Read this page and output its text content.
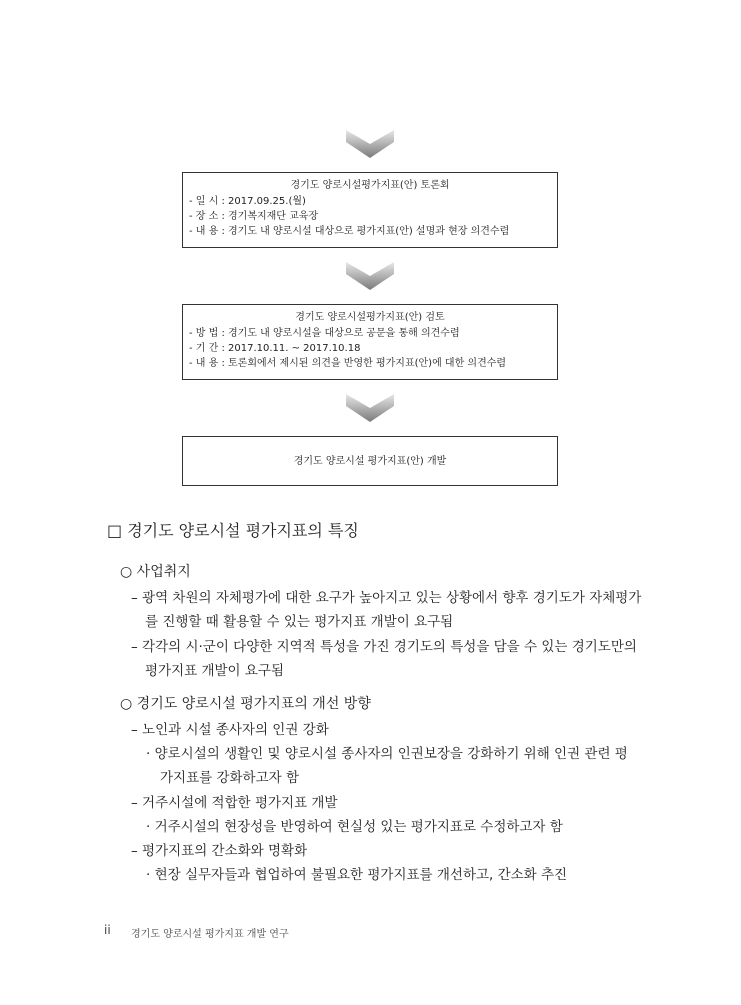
경기도 양로시설평가지표(안) 토론회
- 일 시 : 2017.09.25.(월)
- 장 소 : 경기복지재단 교육장
- 내 용 : 경기도 내 양로시설 대상으로 평가지표(안) 설명과 현장 의견수렴
경기도 양로시설평가지표(안) 검토
- 방 법 : 경기도 내 양로시설을 대상으로 공문을 통해 의견수렴
- 기 간 : 2017.10.11. ~ 2017.10.18
- 내 용 : 토론회에서 제시된 의견을 반영한 평가지표(안)에 대한 의견수렴
경기도 양로시설 평가지표(안) 개발
□ 경기도 양로시설 평가지표의 특징
○ 사업취지
– 광역 차원의 자체평가에 대한 요구가 높아지고 있는 상황에서 향후 경기도가 자체평가
를 진행할 때 활용할 수 있는 평가지표 개발이 요구됨
– 각각의 시·군이 다양한 지역적 특성을 가진 경기도의 특성을 담을 수 있는 경기도만의
평가지표 개발이 요구됨
○ 경기도 양로시설 평가지표의 개선 방향
– 노인과 시설 종사자의 인권 강화
· 양로시설의 생활인 및 양로시설 종사자의 인권보장을 강화하기 위해 인권 관련 평
가지표를 강화하고자 함
– 거주시설에 적합한 평가지표 개발
· 거주시설의 현장성을 반영하여 현실성 있는 평가지표로 수정하고자 함
– 평가지표의 간소화와 명확화
· 현장 실무자들과 협업하여 불필요한 평가지표를 개선하고, 간소화 추진
ii 경기도 양로시설 평가지표 개발 연구
